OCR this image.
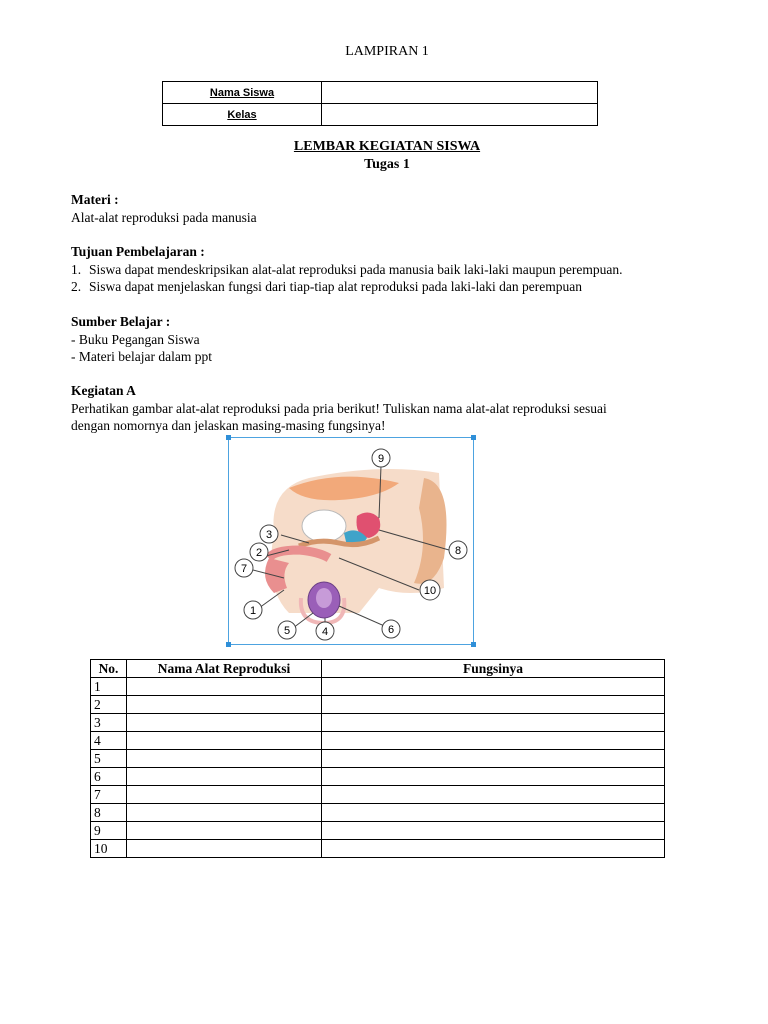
LAMPIRAN 1
Nama Siswa	
Kelas	
LEMBAR KEGIATAN SISWA
Tugas 1
Materi :
Alat-alat reproduksi pada manusia
Tujuan Pembelajaran :
1. Siswa dapat mendeskripsikan alat-alat reproduksi pada manusia baik laki-laki maupun perempuan.
2. Siswa dapat menjelaskan fungsi dari tiap-tiap alat reproduksi pada laki-laki dan perempuan
Sumber Belajar :
- Buku Pegangan Siswa
- Materi belajar dalam ppt
Kegiatan A
Perhatikan gambar alat-alat reproduksi pada pria berikut! Tuliskan nama alat-alat reproduksi sesuai
dengan nomornya dan jelaskan masing-masing fungsinya!
9
3
2
7
1
5	4	6
8
10
No.	Nama Alat Reproduksi	Fungsinya
1		
2		
3		
4		
5		
6		
7		
8		
9		
10		
